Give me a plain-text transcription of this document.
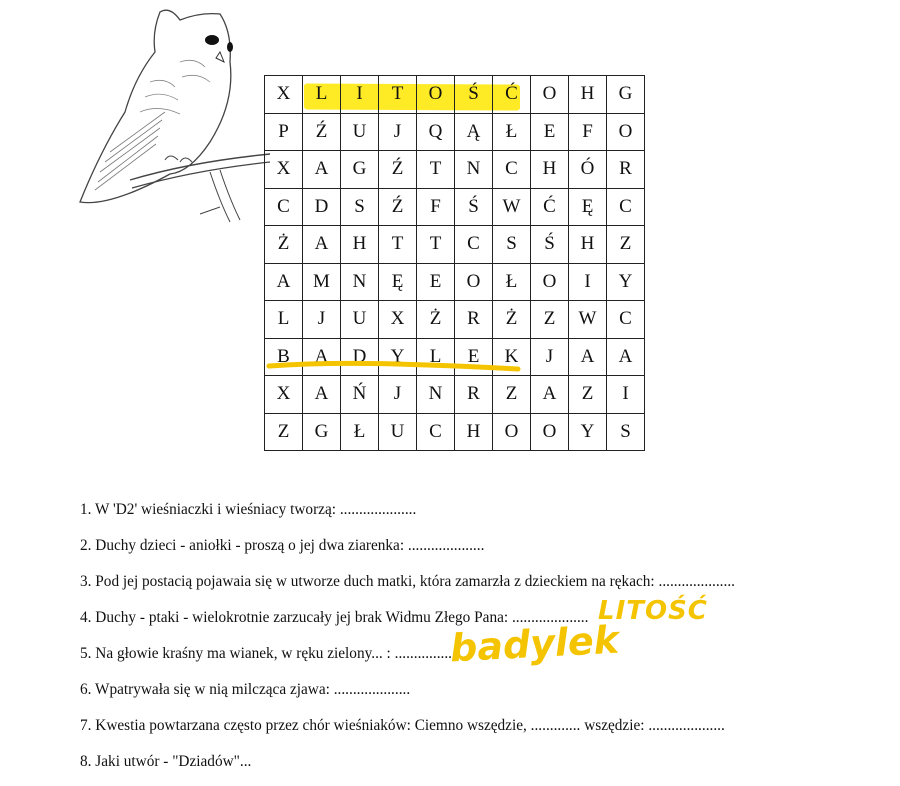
X	L	I	T	O	Ś	Ć	O	H	G
P	Ź	U	J	Q	Ą	Ł	E	F	O
X	A	G	Ź	T	N	C	H	Ó	R
C	D	S	Ź	F	Ś	W	Ć	Ę	C
Ż	A	H	T	T	C	S	Ś	H	Z
A	M	N	Ę	E	O	Ł	O	I	Y
L	J	U	X	Ż	R	Ż	Z	W	C
B	A	D	Y	L	E	K	J	A	A
X	A	Ń	J	N	R	Z	A	Z	I
Z	G	Ł	U	C	H	O	O	Y	S
1. W 'D2' wieśniaczki i wieśniacy tworzą: ....................
2. Duchy dzieci - aniołki - proszą o jej dwa ziarenka: ....................
3. Pod jej postacią pojawaia się w utworze duch matki, która zamarzła z dzieckiem na rękach: ....................
4. Duchy - ptaki - wielokrotnie zarzucały jej brak Widmu Złego Pana: ....................
5. Na głowie kraśny ma wianek, w ręku zielony... : ....................
6. Wpatrywała się w nią milcząca zjawa: ....................
7. Kwestia powtarzana często przez chór wieśniaków: Ciemno wszędzie, ............. wszędzie: ....................
8. Jaki utwór - "Dziadów"...
LITOŚĆ
badylek
